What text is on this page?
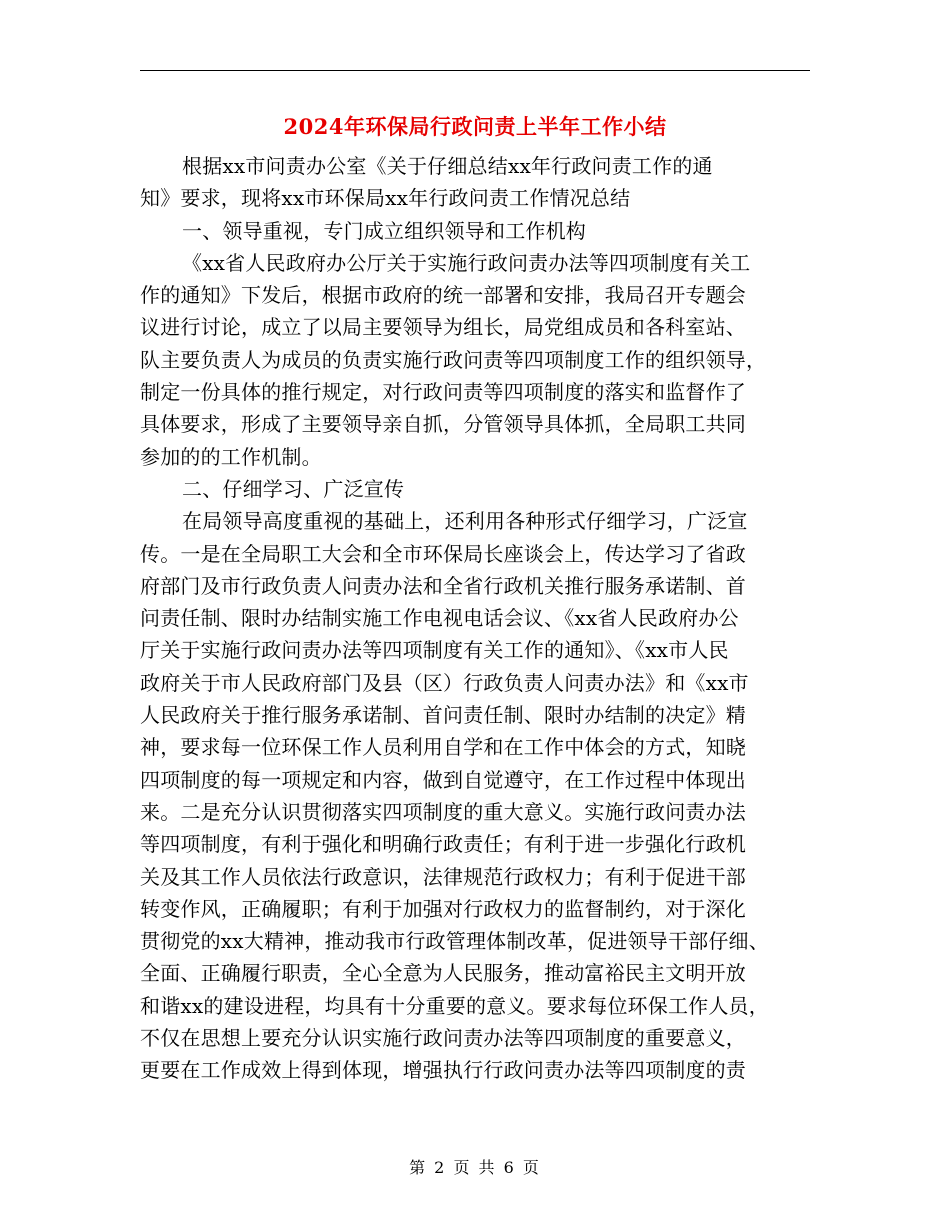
2024年环保局行政问责上半年工作小结
根据xx市问责办公室《关于仔细总结xx年行政问责工作的通
知》要求，现将xx市环保局xx年行政问责工作情况总结
一、领导重视，专门成立组织领导和工作机构
《xx省人民政府办公厅关于实施行政问责办法等四项制度有关工
作的通知》下发后，根据市政府的统一部署和安排，我局召开专题会
议进行讨论，成立了以局主要领导为组长，局党组成员和各科室站、
队主要负责人为成员的负责实施行政问责等四项制度工作的组织领导，
制定一份具体的推行规定，对行政问责等四项制度的落实和监督作了
具体要求，形成了主要领导亲自抓，分管领导具体抓，全局职工共同
参加的的工作机制。
二、仔细学习、广泛宣传
在局领导高度重视的基础上，还利用各种形式仔细学习，广泛宣
传。一是在全局职工大会和全市环保局长座谈会上，传达学习了省政
府部门及市行政负责人问责办法和全省行政机关推行服务承诺制、首
问责任制、限时办结制实施工作电视电话会议、《xx省人民政府办公
厅关于实施行政问责办法等四项制度有关工作的通知》、《xx市人民
政府关于市人民政府部门及县（区）行政负责人问责办法》和《xx市
人民政府关于推行服务承诺制、首问责任制、限时办结制的决定》精
神，要求每一位环保工作人员利用自学和在工作中体会的方式，知晓
四项制度的每一项规定和内容，做到自觉遵守，在工作过程中体现出
来。二是充分认识贯彻落实四项制度的重大意义。实施行政问责办法
等四项制度，有利于强化和明确行政责任；有利于进一步强化行政机
关及其工作人员依法行政意识，法律规范行政权力；有利于促进干部
转变作风，正确履职；有利于加强对行政权力的监督制约，对于深化
贯彻党的xx大精神，推动我市行政管理体制改革，促进领导干部仔细、
全面、正确履行职责，全心全意为人民服务，推动富裕民主文明开放
和谐xx的建设进程，均具有十分重要的意义。要求每位环保工作人员，
不仅在思想上要充分认识实施行政问责办法等四项制度的重要意义，
更要在工作成效上得到体现，增强执行行政问责办法等四项制度的责
第 2 页 共 6 页
